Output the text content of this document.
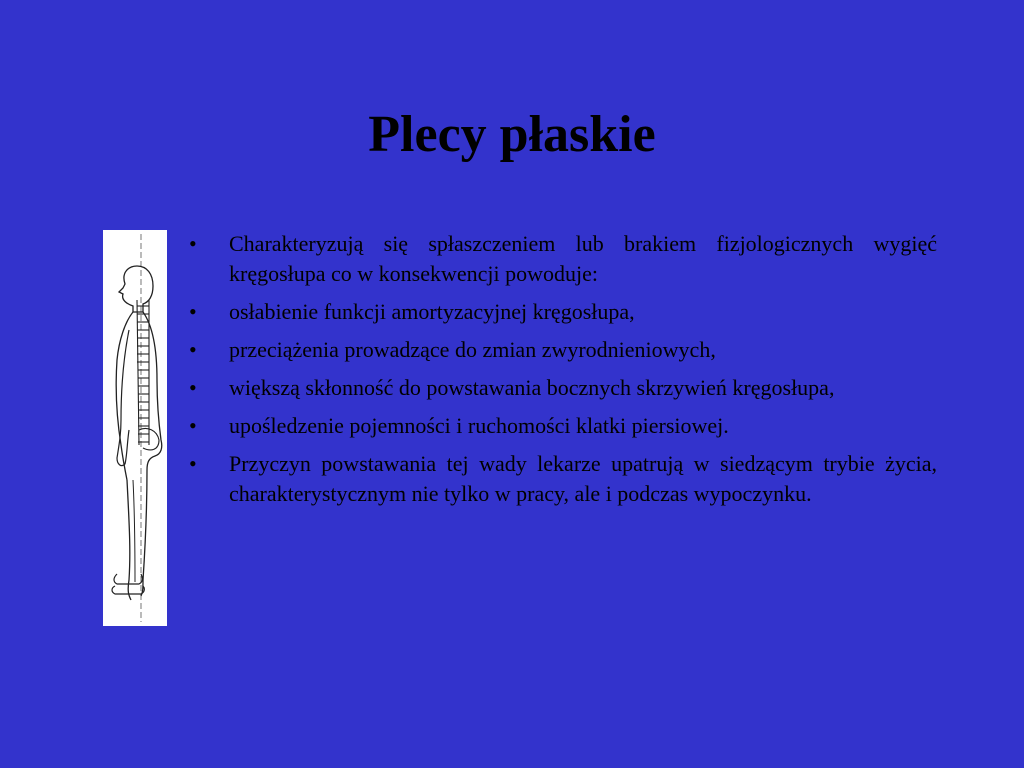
Plecy płaskie
•	Charakteryzują się spłaszczeniem lub brakiem fizjologicznych wygięć kręgosłupa co w konsekwencji powoduje:
•	osłabienie funkcji amortyzacyjnej kręgosłupa,
•	przeciążenia prowadzące do zmian zwyrodnieniowych,
•	większą skłonność do powstawania bocznych skrzywień kręgosłupa,
•	upośledzenie pojemności i ruchomości klatki piersiowej.
•	Przyczyn powstawania tej wady lekarze upatrują w siedzącym trybie życia, charakterystycznym nie tylko w pracy, ale i podczas wypoczynku.
